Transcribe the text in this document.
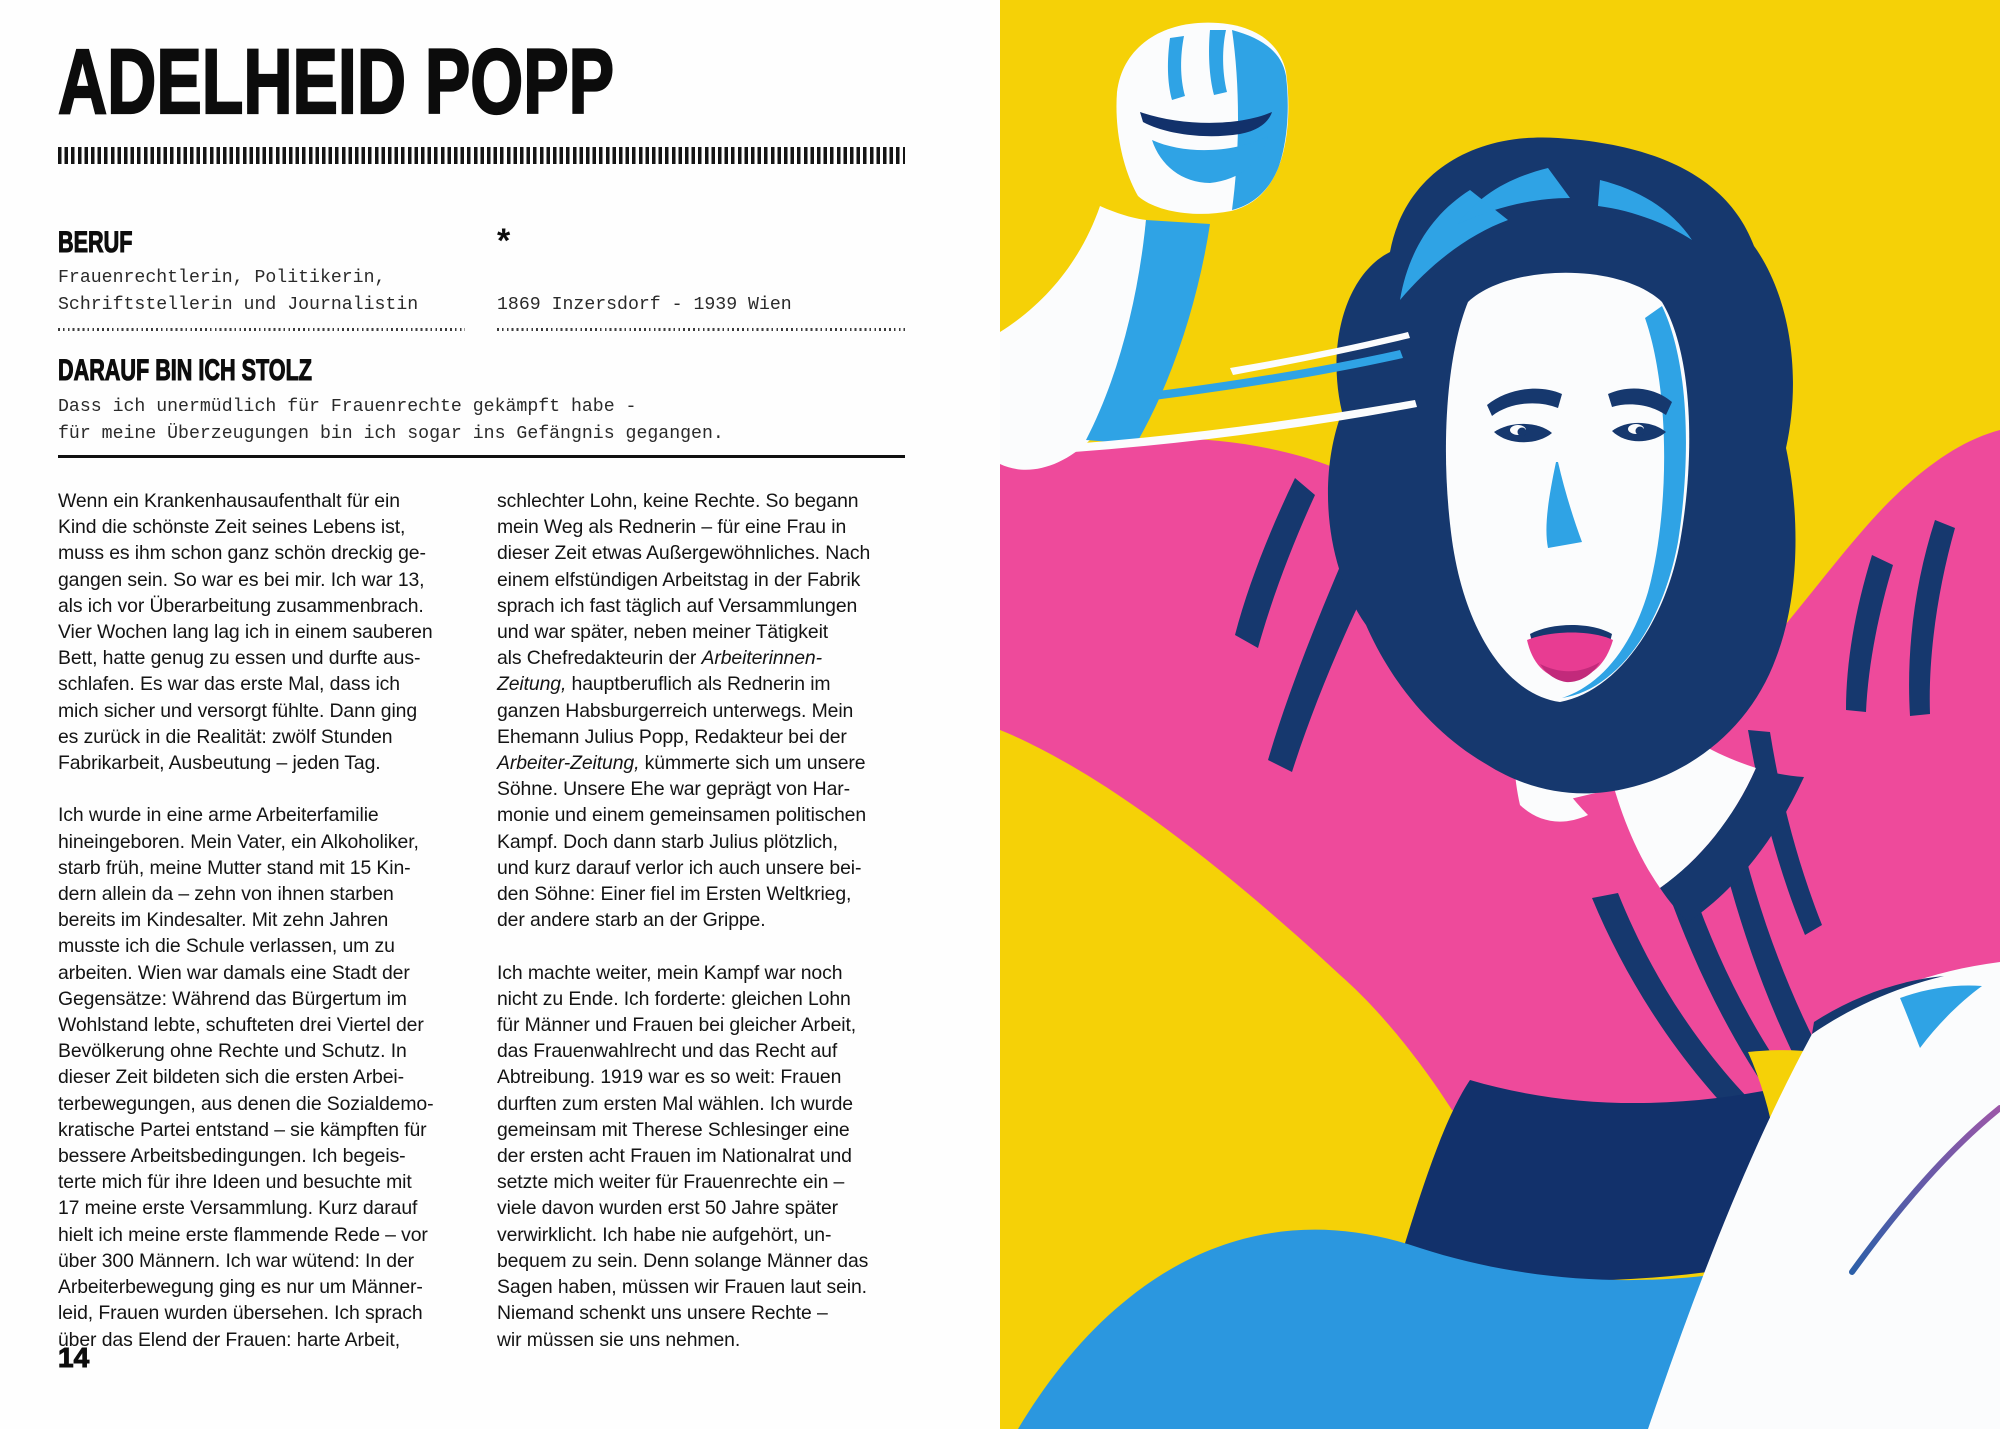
ADELHEID POPP
BERUF
Frauenrechtlerin, Politikerin,
Schriftstellerin und Journalistin
*

1869 Inzersdorf - 1939 Wien
DARAUF BIN ICH STOLZ
Dass ich unermüdlich für Frauenrechte gekämpft habe -
für meine Überzeugungen bin ich sogar ins Gefängnis gegangen.
Wenn ein Krankenhausaufenthalt für ein
Kind die schönste Zeit seines Lebens ist,
muss es ihm schon ganz schön dreckig ge-
gangen sein. So war es bei mir. Ich war 13,
als ich vor Überarbeitung zusammenbrach.
Vier Wochen lang lag ich in einem sauberen
Bett, hatte genug zu essen und durfte aus-
schlafen. Es war das erste Mal, dass ich
mich sicher und versorgt fühlte. Dann ging
es zurück in die Realität: zwölf Stunden
Fabrikarbeit, Ausbeutung – jeden Tag.

Ich wurde in eine arme Arbeiterfamilie
hineingeboren. Mein Vater, ein Alkoholiker,
starb früh, meine Mutter stand mit 15 Kin-
dern allein da – zehn von ihnen starben
bereits im Kindesalter. Mit zehn Jahren
musste ich die Schule verlassen, um zu
arbeiten. Wien war damals eine Stadt der
Gegensätze: Während das Bürgertum im
Wohlstand lebte, schufteten drei Viertel der
Bevölkerung ohne Rechte und Schutz. In
dieser Zeit bildeten sich die ersten Arbei-
terbewegungen, aus denen die Sozialdemo-
kratische Partei entstand – sie kämpften für
bessere Arbeitsbedingungen. Ich begeis-
terte mich für ihre Ideen und besuchte mit
17 meine erste Versammlung. Kurz darauf
hielt ich meine erste flammende Rede – vor
über 300 Männern. Ich war wütend: In der
Arbeiterbewegung ging es nur um Männer-
leid, Frauen wurden übersehen. Ich sprach
über das Elend der Frauen: harte Arbeit,
schlechter Lohn, keine Rechte. So begann
mein Weg als Rednerin – für eine Frau in
dieser Zeit etwas Außergewöhnliches. Nach
einem elfstündigen Arbeitstag in der Fabrik
sprach ich fast täglich auf Versammlungen
und war später, neben meiner Tätigkeit
als Chefredakteurin der Arbeiterinnen-
Zeitung, hauptberuflich als Rednerin im
ganzen Habsburgerreich unterwegs. Mein
Ehemann Julius Popp, Redakteur bei der
Arbeiter-Zeitung, kümmerte sich um unsere
Söhne. Unsere Ehe war geprägt von Har-
monie und einem gemeinsamen politischen
Kampf. Doch dann starb Julius plötzlich,
und kurz darauf verlor ich auch unsere bei-
den Söhne: Einer fiel im Ersten Weltkrieg,
der andere starb an der Grippe.

Ich machte weiter, mein Kampf war noch
nicht zu Ende. Ich forderte: gleichen Lohn
für Männer und Frauen bei gleicher Arbeit,
das Frauenwahlrecht und das Recht auf
Abtreibung. 1919 war es so weit: Frauen
durften zum ersten Mal wählen. Ich wurde
gemeinsam mit Therese Schlesinger eine
der ersten acht Frauen im Nationalrat und
setzte mich weiter für Frauenrechte ein –
viele davon wurden erst 50 Jahre später
verwirklicht. Ich habe nie aufgehört, un-
bequem zu sein. Denn solange Männer das
Sagen haben, müssen wir Frauen laut sein.
Niemand schenkt uns unsere Rechte –
wir müssen sie uns nehmen.
14
